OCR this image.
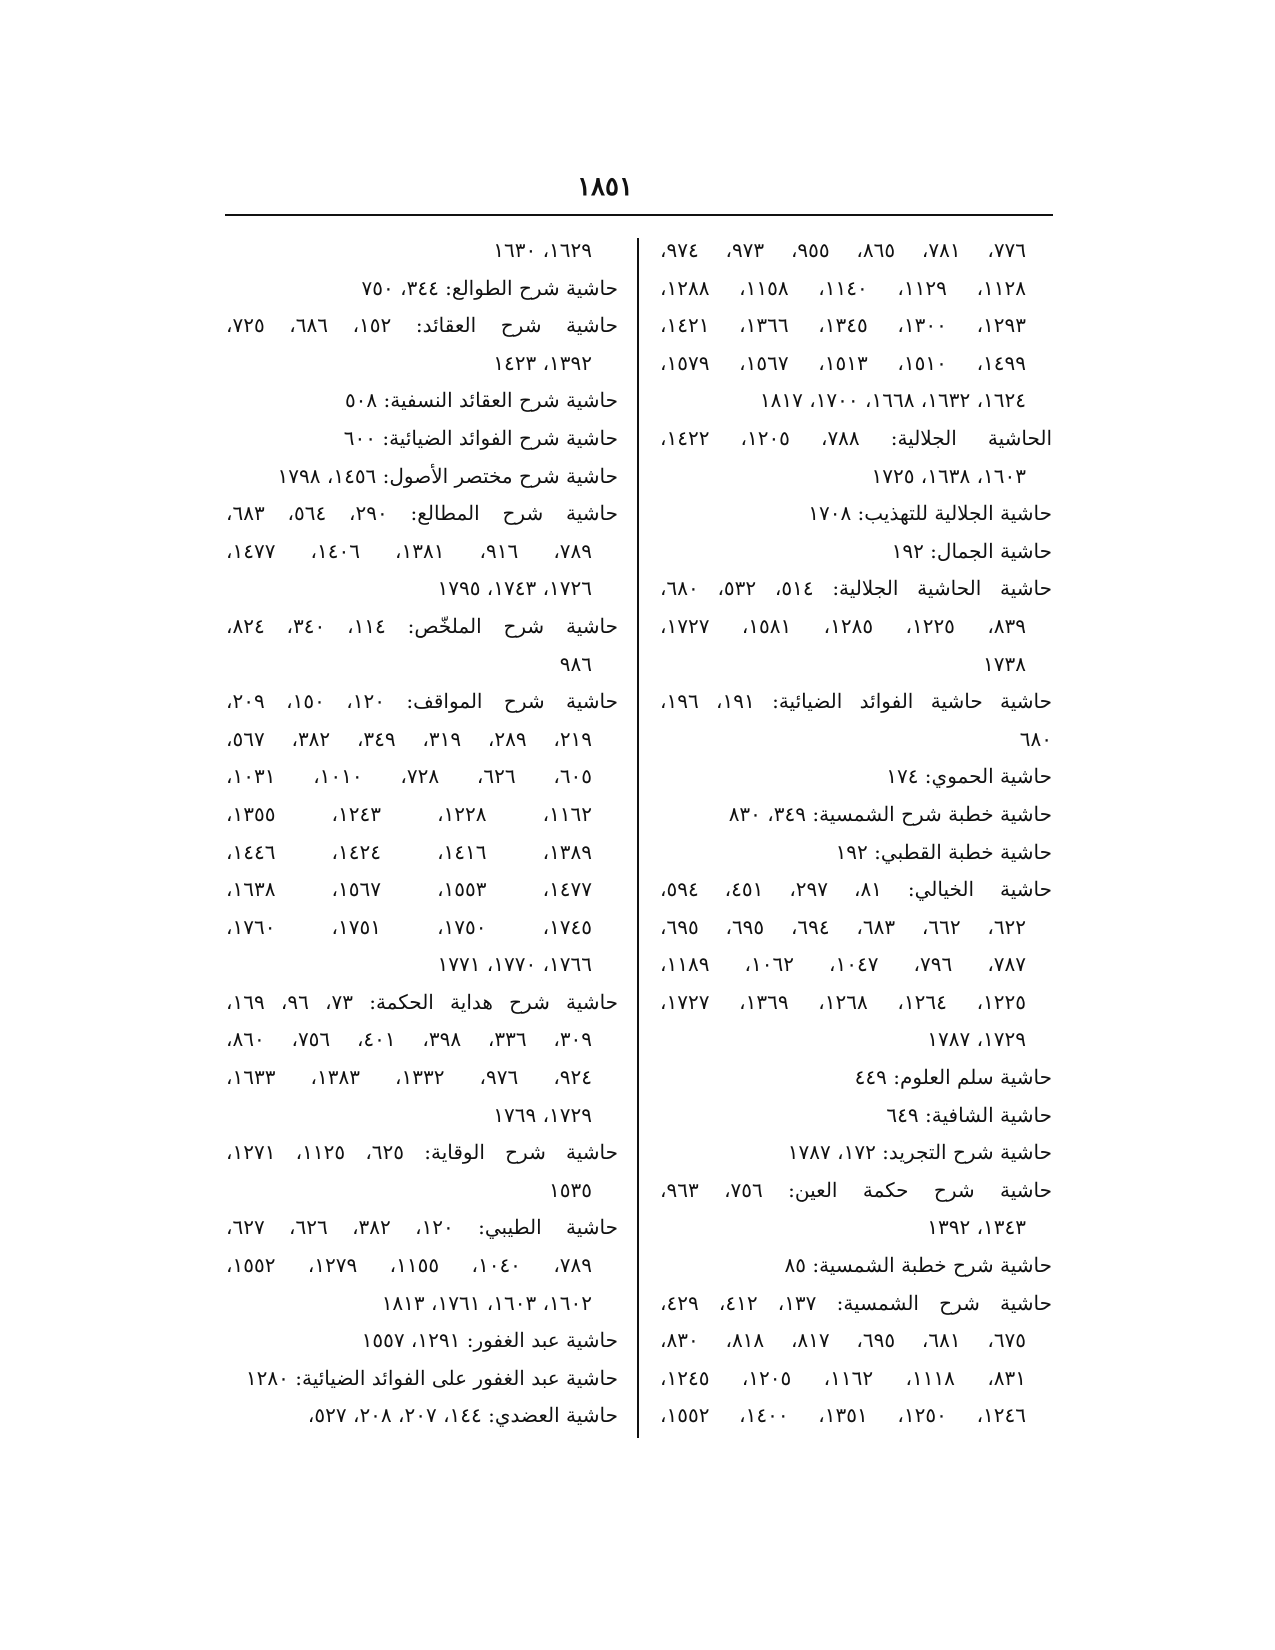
١٨٥١
٧٧٦، ٧٨١، ٨٦٥، ٩٥٥، ٩٧٣، ٩٧٤،
١١٢٨، ١١٢٩، ١١٤٠، ١١٥٨، ١٢٨٨،
١٢٩٣، ١٣٠٠، ١٣٤٥، ١٣٦٦، ١٤٢١،
١٤٩٩، ١٥١٠، ١٥١٣، ١٥٦٧، ١٥٧٩،
١٦٢٤، ١٦٣٢، ١٦٦٨، ١٧٠٠، ١٨١٧
الحاشية الجلالية: ٧٨٨، ١٢٠٥، ١٤٢٢،
١٦٠٣، ١٦٣٨، ١٧٢٥
حاشية الجلالية للتهذيب: ١٧٠٨
حاشية الجمال: ١٩٢
حاشية الحاشية الجلالية: ٥١٤، ٥٣٢، ٦٨٠،
٨٣٩، ١٢٢٥، ١٢٨٥، ١٥٨١، ١٧٢٧،
١٧٣٨
حاشية حاشية الفوائد الضيائية: ١٩١، ١٩٦،
٦٨٠
حاشية الحموي: ١٧٤
حاشية خطبة شرح الشمسية: ٣٤٩، ٨٣٠
حاشية خطبة القطبي: ١٩٢
حاشية الخيالي: ٨١، ٢٩٧، ٤٥١، ٥٩٤،
٦٢٢، ٦٦٢، ٦٨٣، ٦٩٤، ٦٩٥، ٦٩٥،
٧٨٧، ٧٩٦، ١٠٤٧، ١٠٦٢، ١١٨٩،
١٢٢٥، ١٢٦٤، ١٢٦٨، ١٣٦٩، ١٧٢٧،
١٧٢٩، ١٧٨٧
حاشية سلم العلوم: ٤٤٩
حاشية الشافية: ٦٤٩
حاشية شرح التجريد: ١٧٢، ١٧٨٧
حاشية شرح حكمة العين: ٧٥٦، ٩٦٣،
١٣٤٣، ١٣٩٢
حاشية شرح خطبة الشمسية: ٨٥
حاشية شرح الشمسية: ١٣٧، ٤١٢، ٤٢٩،
٦٧٥، ٦٨١، ٦٩٥، ٨١٧، ٨١٨، ٨٣٠،
٨٣١، ١١١٨، ١١٦٢، ١٢٠٥، ١٢٤٥،
١٢٤٦، ١٢٥٠، ١٣٥١، ١٤٠٠، ١٥٥٢،
١٦٢٩، ١٦٣٠
حاشية شرح الطوالع: ٣٤٤، ٧٥٠
حاشية شرح العقائد: ١٥٢، ٦٨٦، ٧٢٥،
١٣٩٢، ١٤٢٣
حاشية شرح العقائد النسفية: ٥٠٨
حاشية شرح الفوائد الضيائية: ٦٠٠
حاشية شرح مختصر الأصول: ١٤٥٦، ١٧٩٨
حاشية شرح المطالع: ٢٩٠، ٥٦٤، ٦٨٣،
٧٨٩، ٩١٦، ١٣٨١، ١٤٠٦، ١٤٧٧،
١٧٢٦، ١٧٤٣، ١٧٩٥
حاشية شرح الملخّص: ١١٤، ٣٤٠، ٨٢٤،
٩٨٦
حاشية شرح المواقف: ١٢٠، ١٥٠، ٢٠٩،
٢١٩، ٢٨٩، ٣١٩، ٣٤٩، ٣٨٢، ٥٦٧،
٦٠٥، ٦٢٦، ٧٢٨، ١٠١٠، ١٠٣١،
١١٦٢، ١٢٢٨، ١٢٤٣، ١٣٥٥،
١٣٨٩، ١٤١٦، ١٤٢٤، ١٤٤٦،
١٤٧٧، ١٥٥٣، ١٥٦٧، ١٦٣٨،
١٧٤٥، ١٧٥٠، ١٧٥١، ١٧٦٠،
١٧٦٦، ١٧٧٠، ١٧٧١
حاشية شرح هداية الحكمة: ٧٣، ٩٦، ١٦٩،
٣٠٩، ٣٣٦، ٣٩٨، ٤٠١، ٧٥٦، ٨٦٠،
٩٢٤، ٩٧٦، ١٣٣٢، ١٣٨٣، ١٦٣٣،
١٧٢٩، ١٧٦٩
حاشية شرح الوقاية: ٦٢٥، ١١٢٥، ١٢٧١،
١٥٣٥
حاشية الطيبي: ١٢٠، ٣٨٢، ٦٢٦، ٦٢٧،
٧٨٩، ١٠٤٠، ١١٥٥، ١٢٧٩، ١٥٥٢،
١٦٠٢، ١٦٠٣، ١٧٦١، ١٨١٣
حاشية عبد الغفور: ١٢٩١، ١٥٥٧
حاشية عبد الغفور على الفوائد الضيائية: ١٢٨٠
حاشية العضدي: ١٤٤، ٢٠٧، ٢٠٨، ٥٢٧،
